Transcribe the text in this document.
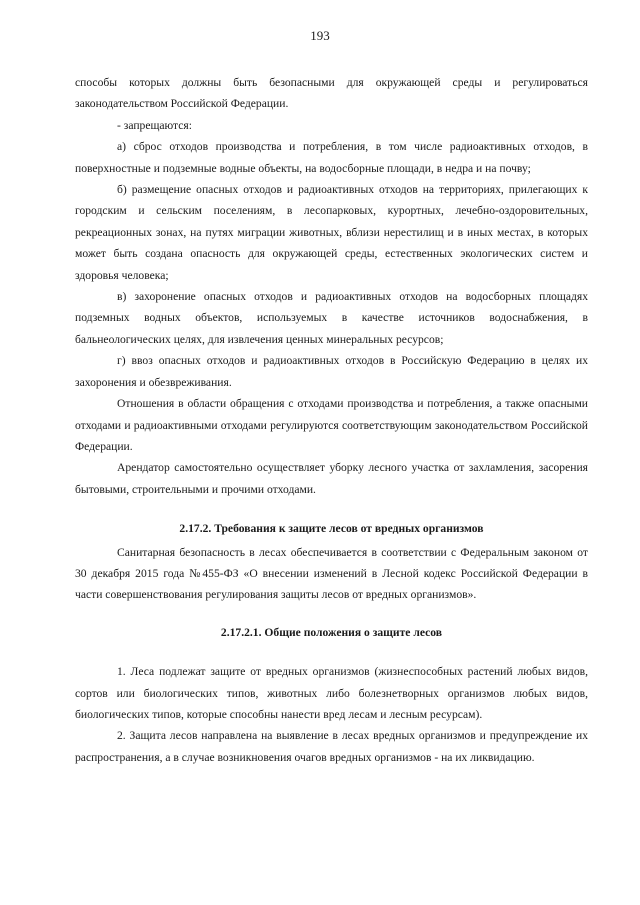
193

способы которых должны быть безопасными для окружающей среды и регулироваться законодательством Российской Федерации.

- запрещаются:

а) сброс отходов производства и потребления, в том числе радиоактивных отходов, в поверхностные и подземные водные объекты, на водосборные площади, в недра и на почву;

б) размещение опасных отходов и радиоактивных отходов на территориях, прилегающих к городским и сельским поселениям, в лесопарковых, курортных, лечебно-оздоровительных, рекреационных зонах, на путях миграции животных, вблизи нерестилищ и в иных местах, в которых может быть создана опасность для окружающей среды, естественных экологических систем и здоровья человека;

в) захоронение опасных отходов и радиоактивных отходов на водосборных площадях подземных водных объектов, используемых в качестве источников водоснабжения, в бальнеологических целях, для извлечения ценных минеральных ресурсов;

г) ввоз опасных отходов и радиоактивных отходов в Российскую Федерацию в целях их захоронения и обезвреживания.

Отношения в области обращения с отходами производства и потребления, а также опасными отходами и радиоактивными отходами регулируются соответствующим законодательством Российской Федерации.

Арендатор самостоятельно осуществляет уборку лесного участка от захламления, засорения бытовыми, строительными и прочими отходами.

2.17.2. Требования к защите лесов от вредных организмов

Санитарная безопасность в лесах обеспечивается в соответствии с Федеральным законом от 30 декабря 2015 года №455-ФЗ «О внесении изменений в Лесной кодекс Российской Федерации в части совершенствования регулирования защиты лесов от вредных организмов».

2.17.2.1. Общие положения о защите лесов

1. Леса подлежат защите от вредных организмов (жизнеспособных растений любых видов, сортов или биологических типов, животных либо болезнетворных организмов любых видов, биологических типов, которые способны нанести вред лесам и лесным ресурсам).

2. Защита лесов направлена на выявление в лесах вредных организмов и предупреждение их распространения, а в случае возникновения очагов вредных организмов - на их ликвидацию.
